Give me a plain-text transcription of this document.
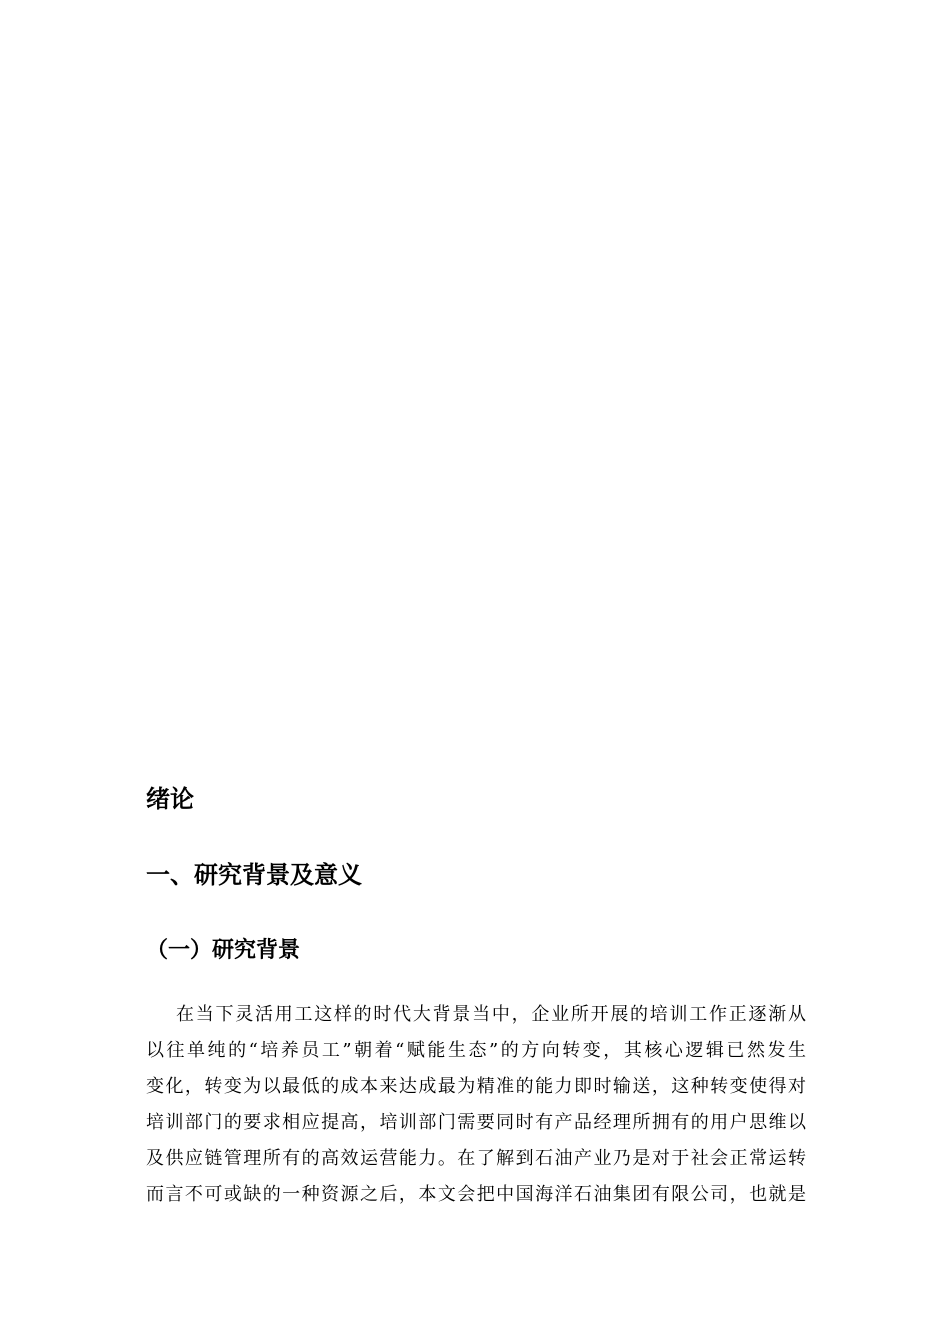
绪论
一、研究背景及意义
（一）研究背景
在当下灵活用工这样的时代大背景当中，企业所开展的培训工作正逐渐从
以往单纯的“培养员工”朝着“赋能生态”的方向转变，其核心逻辑已然发生
变化，转变为以最低的成本来达成最为精准的能力即时输送，这种转变使得对
培训部门的要求相应提高，培训部门需要同时有产品经理所拥有的用户思维以
及供应链管理所有的高效运营能力。在了解到石油产业乃是对于社会正常运转
而言不可或缺的一种资源之后，本文会把中国海洋石油集团有限公司，也就是
